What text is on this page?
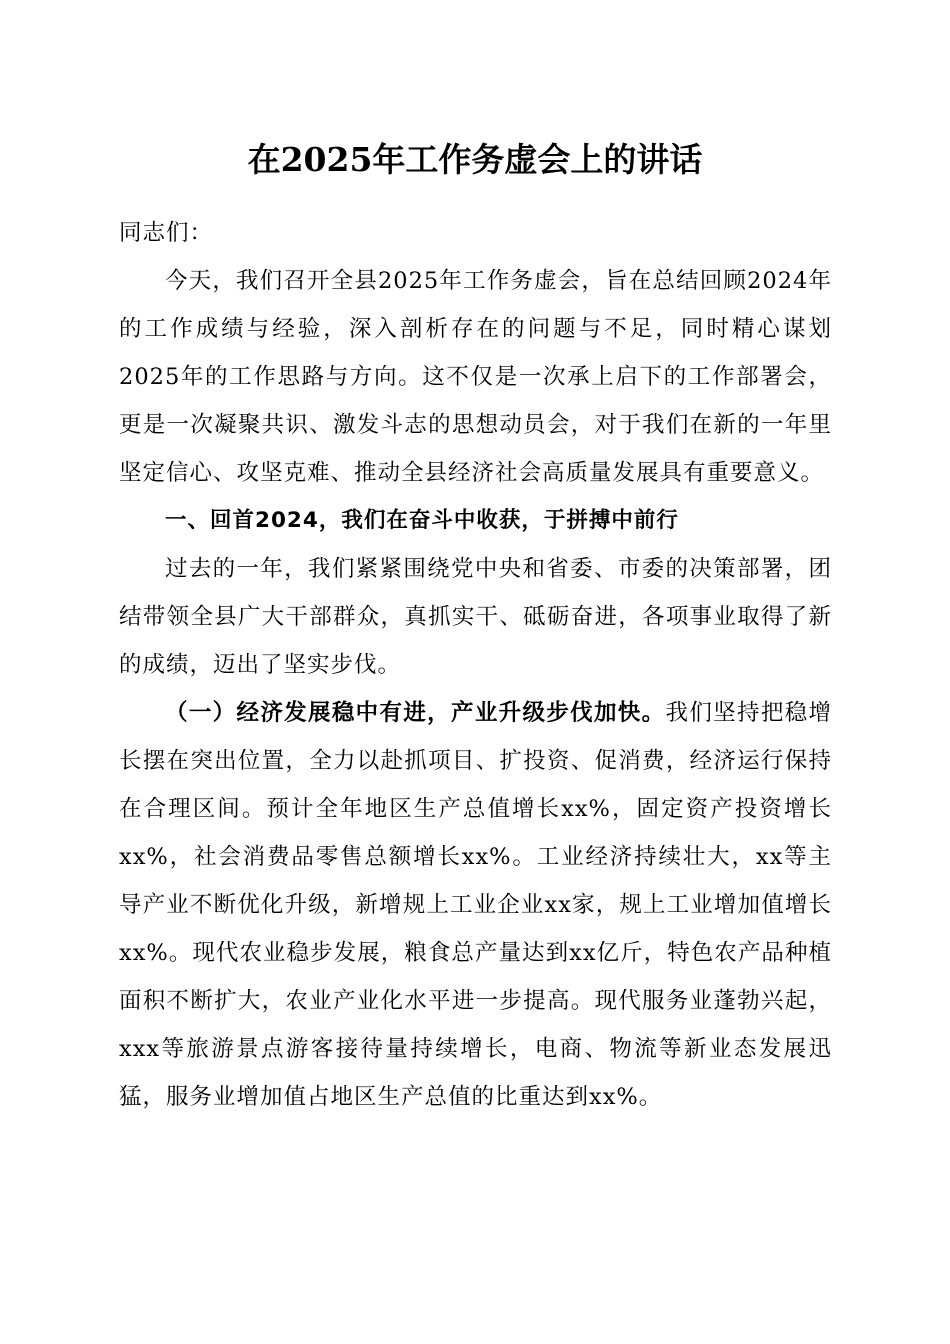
在2025年工作务虚会上的讲话

同志们：

今天，我们召开全县2025年工作务虚会，旨在总结回顾2024年的工作成绩与经验，深入剖析存在的问题与不足，同时精心谋划2025年的工作思路与方向。这不仅是一次承上启下的工作部署会，更是一次凝聚共识、激发斗志的思想动员会，对于我们在新的一年里坚定信心、攻坚克难、推动全县经济社会高质量发展具有重要意义。

一、回首2024，我们在奋斗中收获，于拼搏中前行

过去的一年，我们紧紧围绕党中央和省委、市委的决策部署，团结带领全县广大干部群众，真抓实干、砥砺奋进，各项事业取得了新的成绩，迈出了坚实步伐。

（一）经济发展稳中有进，产业升级步伐加快。我们坚持把稳增长摆在突出位置，全力以赴抓项目、扩投资、促消费，经济运行保持在合理区间。预计全年地区生产总值增长xx%，固定资产投资增长xx%，社会消费品零售总额增长xx%。工业经济持续壮大，xx等主导产业不断优化升级，新增规上工业企业xx家，规上工业增加值增长xx%。现代农业稳步发展，粮食总产量达到xx亿斤，特色农产品种植面积不断扩大，农业产业化水平进一步提高。现代服务业蓬勃兴起，xxx等旅游景点游客接待量持续增长，电商、物流等新业态发展迅猛，服务业增加值占地区生产总值的比重达到xx%。
